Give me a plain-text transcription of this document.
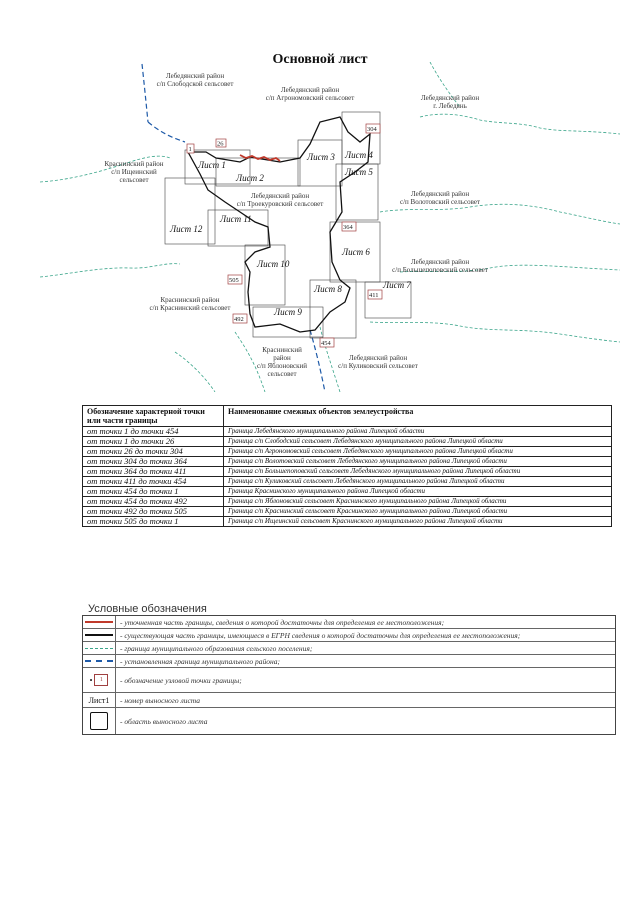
Основной лист
1
26
304
364
411
454
492
505
Лист 1
Лист 2
Лист 3 Лист 4
Лист 5
Лист 6
Лист 7
Лист 8
Лист 9
Лист 10
Лист 11
Лист 12
Лебедянский район
с/п Слободской сельсовет
Лебедянский район
с/п Агрономовский сельсовет	Лебедянский район
г. Лебедянь
Краснинский район
с/п Ищеинский
сельсовет
Лебедянский район
с/п Троекуровский сельсовет
Лебедянский район
с/п Волотовский сельсовет
Лебедянский район
с/п Большепоповский сельсовет
Краснинский район
с/п Краснинский сельсовет
Краснинский
район
с/п Яблоновский
сельсовет
Лебедянский район
с/п Куликовский сельсовет
Обозначение характерной точки или части границы	Наименование смежных объектов землеустройства
от точки 1 до точки 454	Граница Лебедянского муниципального района Липецкой области
от точки 1 до точки 26	Граница с/п Слободский сельсовет Лебедянского муниципального района Липецкой области
от точки 26 до точки 304	Граница с/п Агрономовский сельсовет Лебедянского муниципального района Липецкой области
от точки 304 до точки 364	Граница с/п Волотовский сельсовет Лебедянского муниципального района Липецкой области
от точки 364 до точки 411	Граница с/п Большепоповский сельсовет Лебедянского муниципального района Липецкой области
от точки 411 до точки 454	Граница с/п Куликовский сельсовет Лебедянского муниципального района Липецкой области
от точки 454 до точки 1	Граница Краснинского муниципального района Липецкой области
от точки 454 до точки 492	Граница с/п Яблоновский сельсовет Краснинского муниципального района Липецкой области
от точки 492 до точки 505	Граница с/п Краснинский сельсовет Краснинского муниципального района Липецкой области
от точки 505 до точки 1	Граница с/п Ищеинский сельсовет Краснинского муниципального района Липецкой области
Условные обозначения
- уточненная часть границы, сведения о которой достаточны для определения ее местоположения;
- существующая часть границы, имеющиеся в ЕГРН сведения о которой достаточны для определения ее местоположения;
- граница муниципального образования сельского поселения;
- установленная граница муниципального района;
•	1	- обозначение узловой точки границы;
Лист1	- номер выносного листа
- область выносного листа
